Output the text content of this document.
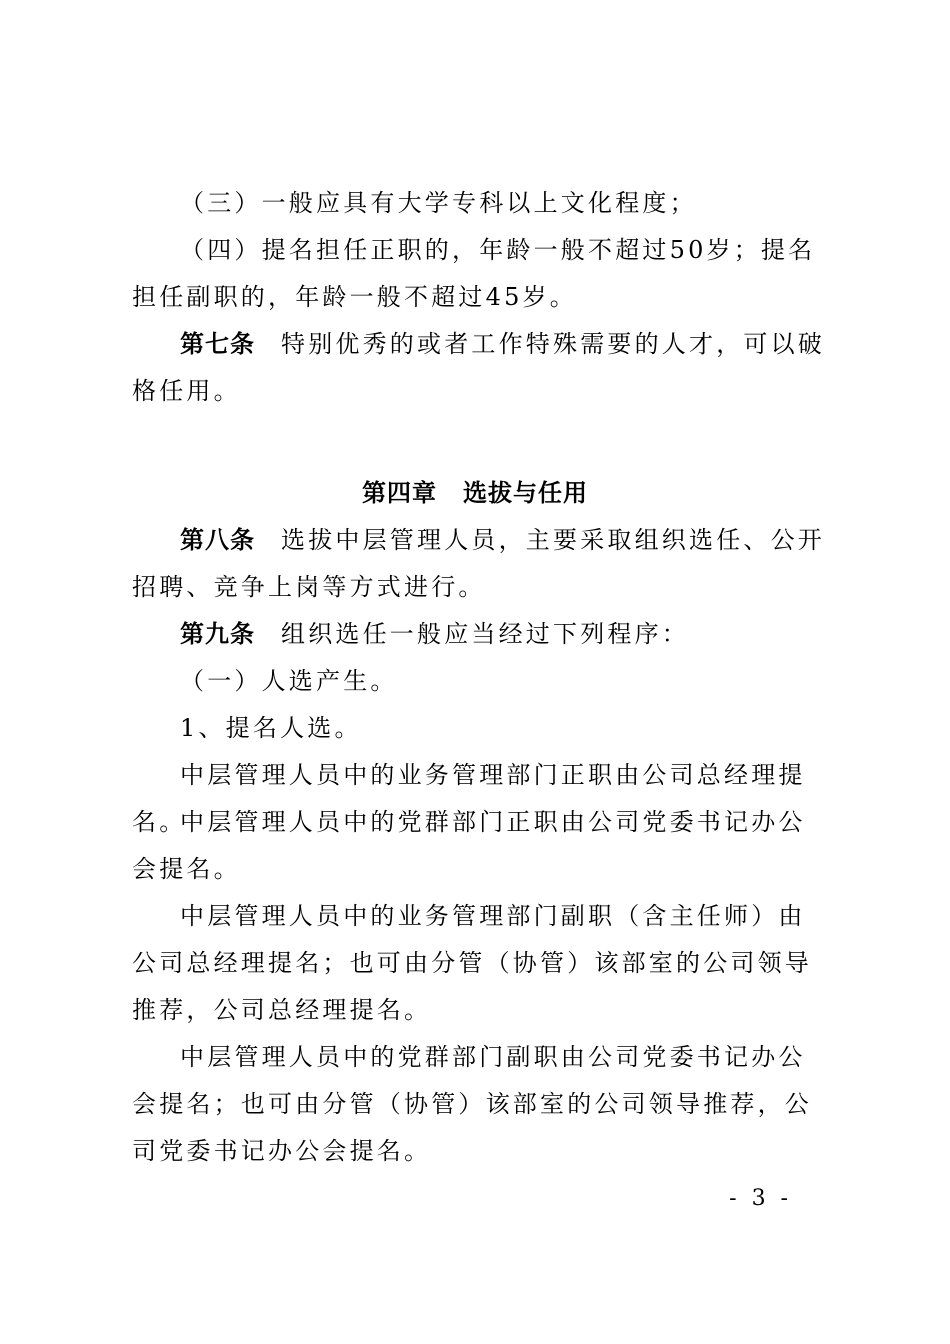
（三）一般应具有大学专科以上文化程度；

（四）提名担任正职的，年龄一般不超过50岁；提名担任副职的，年龄一般不超过45岁。

第七条 特别优秀的或者工作特殊需要的人才，可以破格任用。

第四章 选拔与任用

第八条 选拔中层管理人员，主要采取组织选任、公开招聘、竞争上岗等方式进行。

第九条 组织选任一般应当经过下列程序：

（一）人选产生。

1、提名人选。

中层管理人员中的业务管理部门正职由公司总经理提名。

中层管理人员中的党群部门正职由公司党委书记办公会提名。

中层管理人员中的业务管理部门副职（含主任师）由公司总经理提名；也可由分管（协管）该部室的公司领导推荐，公司总经理提名。

中层管理人员中的党群部门副职由公司党委书记办公会提名；也可由分管（协管）该部室的公司领导推荐，公司党委书记办公会提名。

- 3 -
